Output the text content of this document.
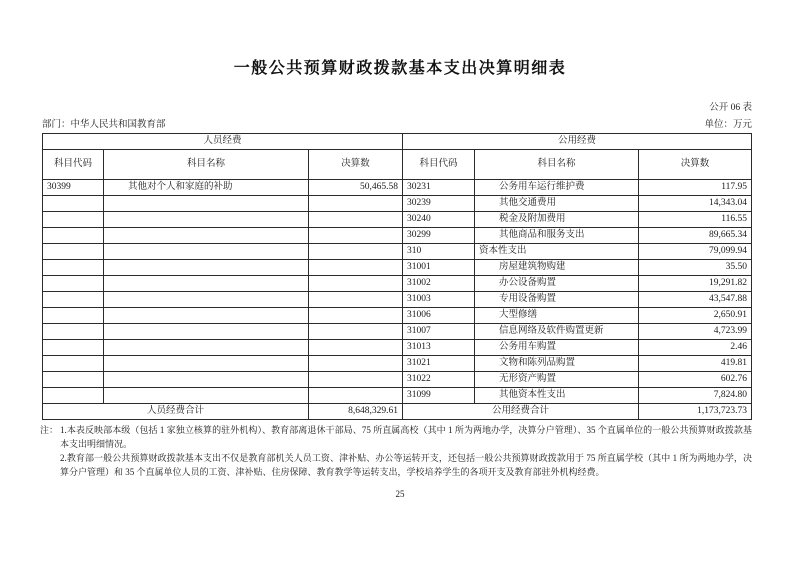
一般公共预算财政拨款基本支出决算明细表
公开 06 表
部门：中华人民共和国教育部	单位：万元
人员经费			公用经费		
科目代码	科目名称	决算数	科目代码	科目名称	决算数
30399	其他对个人和家庭的补助	50,465.58	30231	公务用车运行维护费	117.95
			30239	其他交通费用	14,343.04
			30240	税金及附加费用	116.55
			30299	其他商品和服务支出	89,665.34
			310	资本性支出	79,099.94
			31001	房屋建筑物购建	35.50
			31002	办公设备购置	19,291.82
			31003	专用设备购置	43,547.88
			31006	大型修缮	2,650.91
			31007	信息网络及软件购置更新	4,723.99
			31013	公务用车购置	2.46
			31021	文物和陈列品购置	419.81
			31022	无形资产购置	602.76
			31099	其他资本性支出	7,824.80
人员经费合计		8,648,329.61	公用经费合计		1,173,723.73
注： 1.本表反映部本级（包括 1 家独立核算的驻外机构）、教育部离退休干部局、75 所直属高校（其中 1 所为两地办学，决算分户管理）、35 个直属单位的一般公共预算财政拨款基本支出明细情况。

2.教育部一般公共预算财政拨款基本支出不仅是教育部机关人员工资、津补贴、办公等运转开支，还包括一般公共预算财政拨款用于 75 所直属学校（其中 1 所为两地办学，决算分户管理）和 35 个直属单位人员的工资、津补贴、住房保障、教育教学等运转支出，学校培养学生的各项开支及教育部驻外机构经费。

25
